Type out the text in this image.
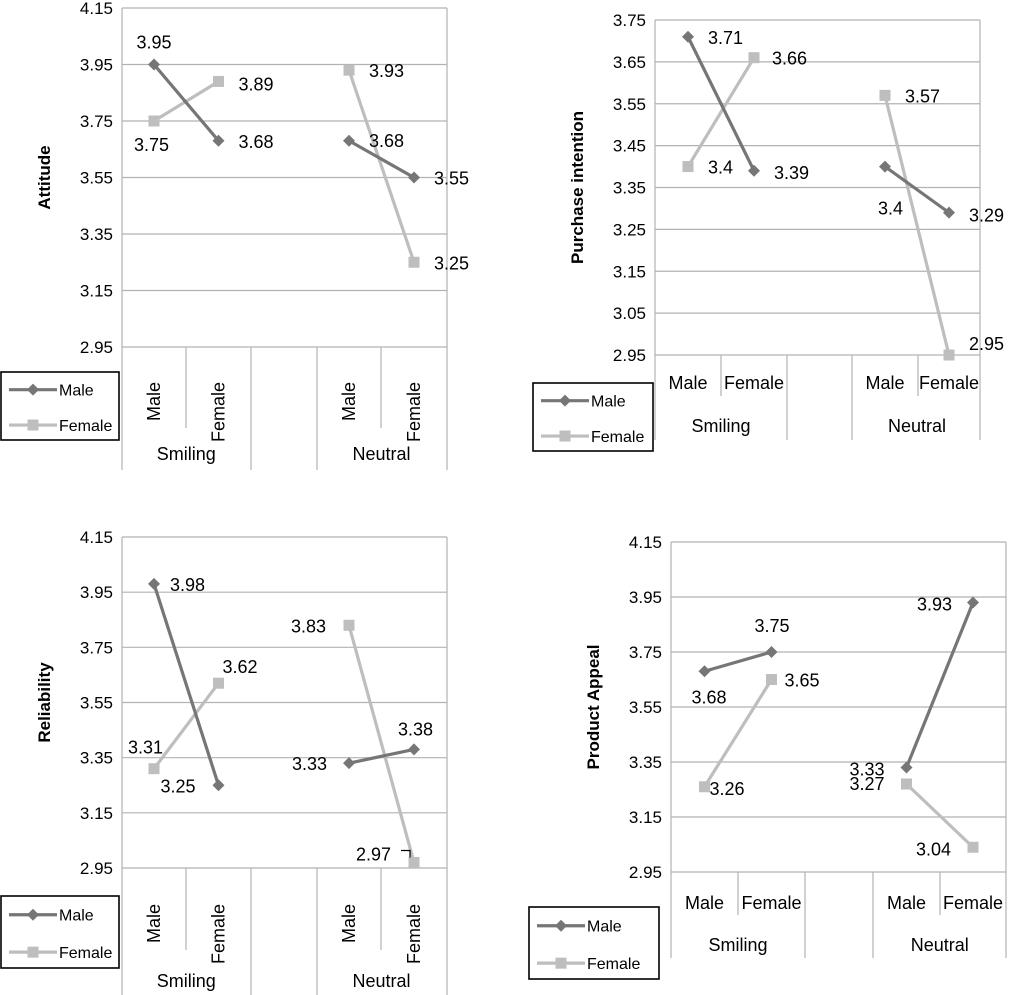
2.95
3.15
3.35
3.55
3.75
3.95
4.15
Male Female
Smiling
Male	Female
Neutral
Attitude
3.75
3.89
3.93
3.25
3.95
3.68	3.68
3.55
Male
Female
2.95
3.05
3.15
3.25
3.35
3.45
3.55
3.65
3.75
Male Female
Smiling
Male Female
Neutral
Purchase intention	3.4
3.66
3.57
2.95
3.71
3.39
3.4	3.29
Male
Female
2.95
3.15
3.35
3.55
3.75
3.95
4.15
Male Female
Smiling
Male	Female
Neutral
Reliability
3.31
3.62
3.83
2.97
3.98
3.25
3.33
3.38
Male
Female
2.95
3.15
3.35
3.55
3.75
3.95
4.15
Male Female
Smiling
Male Female
Neutral
Product Appeal
3.26
3.65
3.27
3.04
3.68
3.75
3.33
3.93
Male
Female
